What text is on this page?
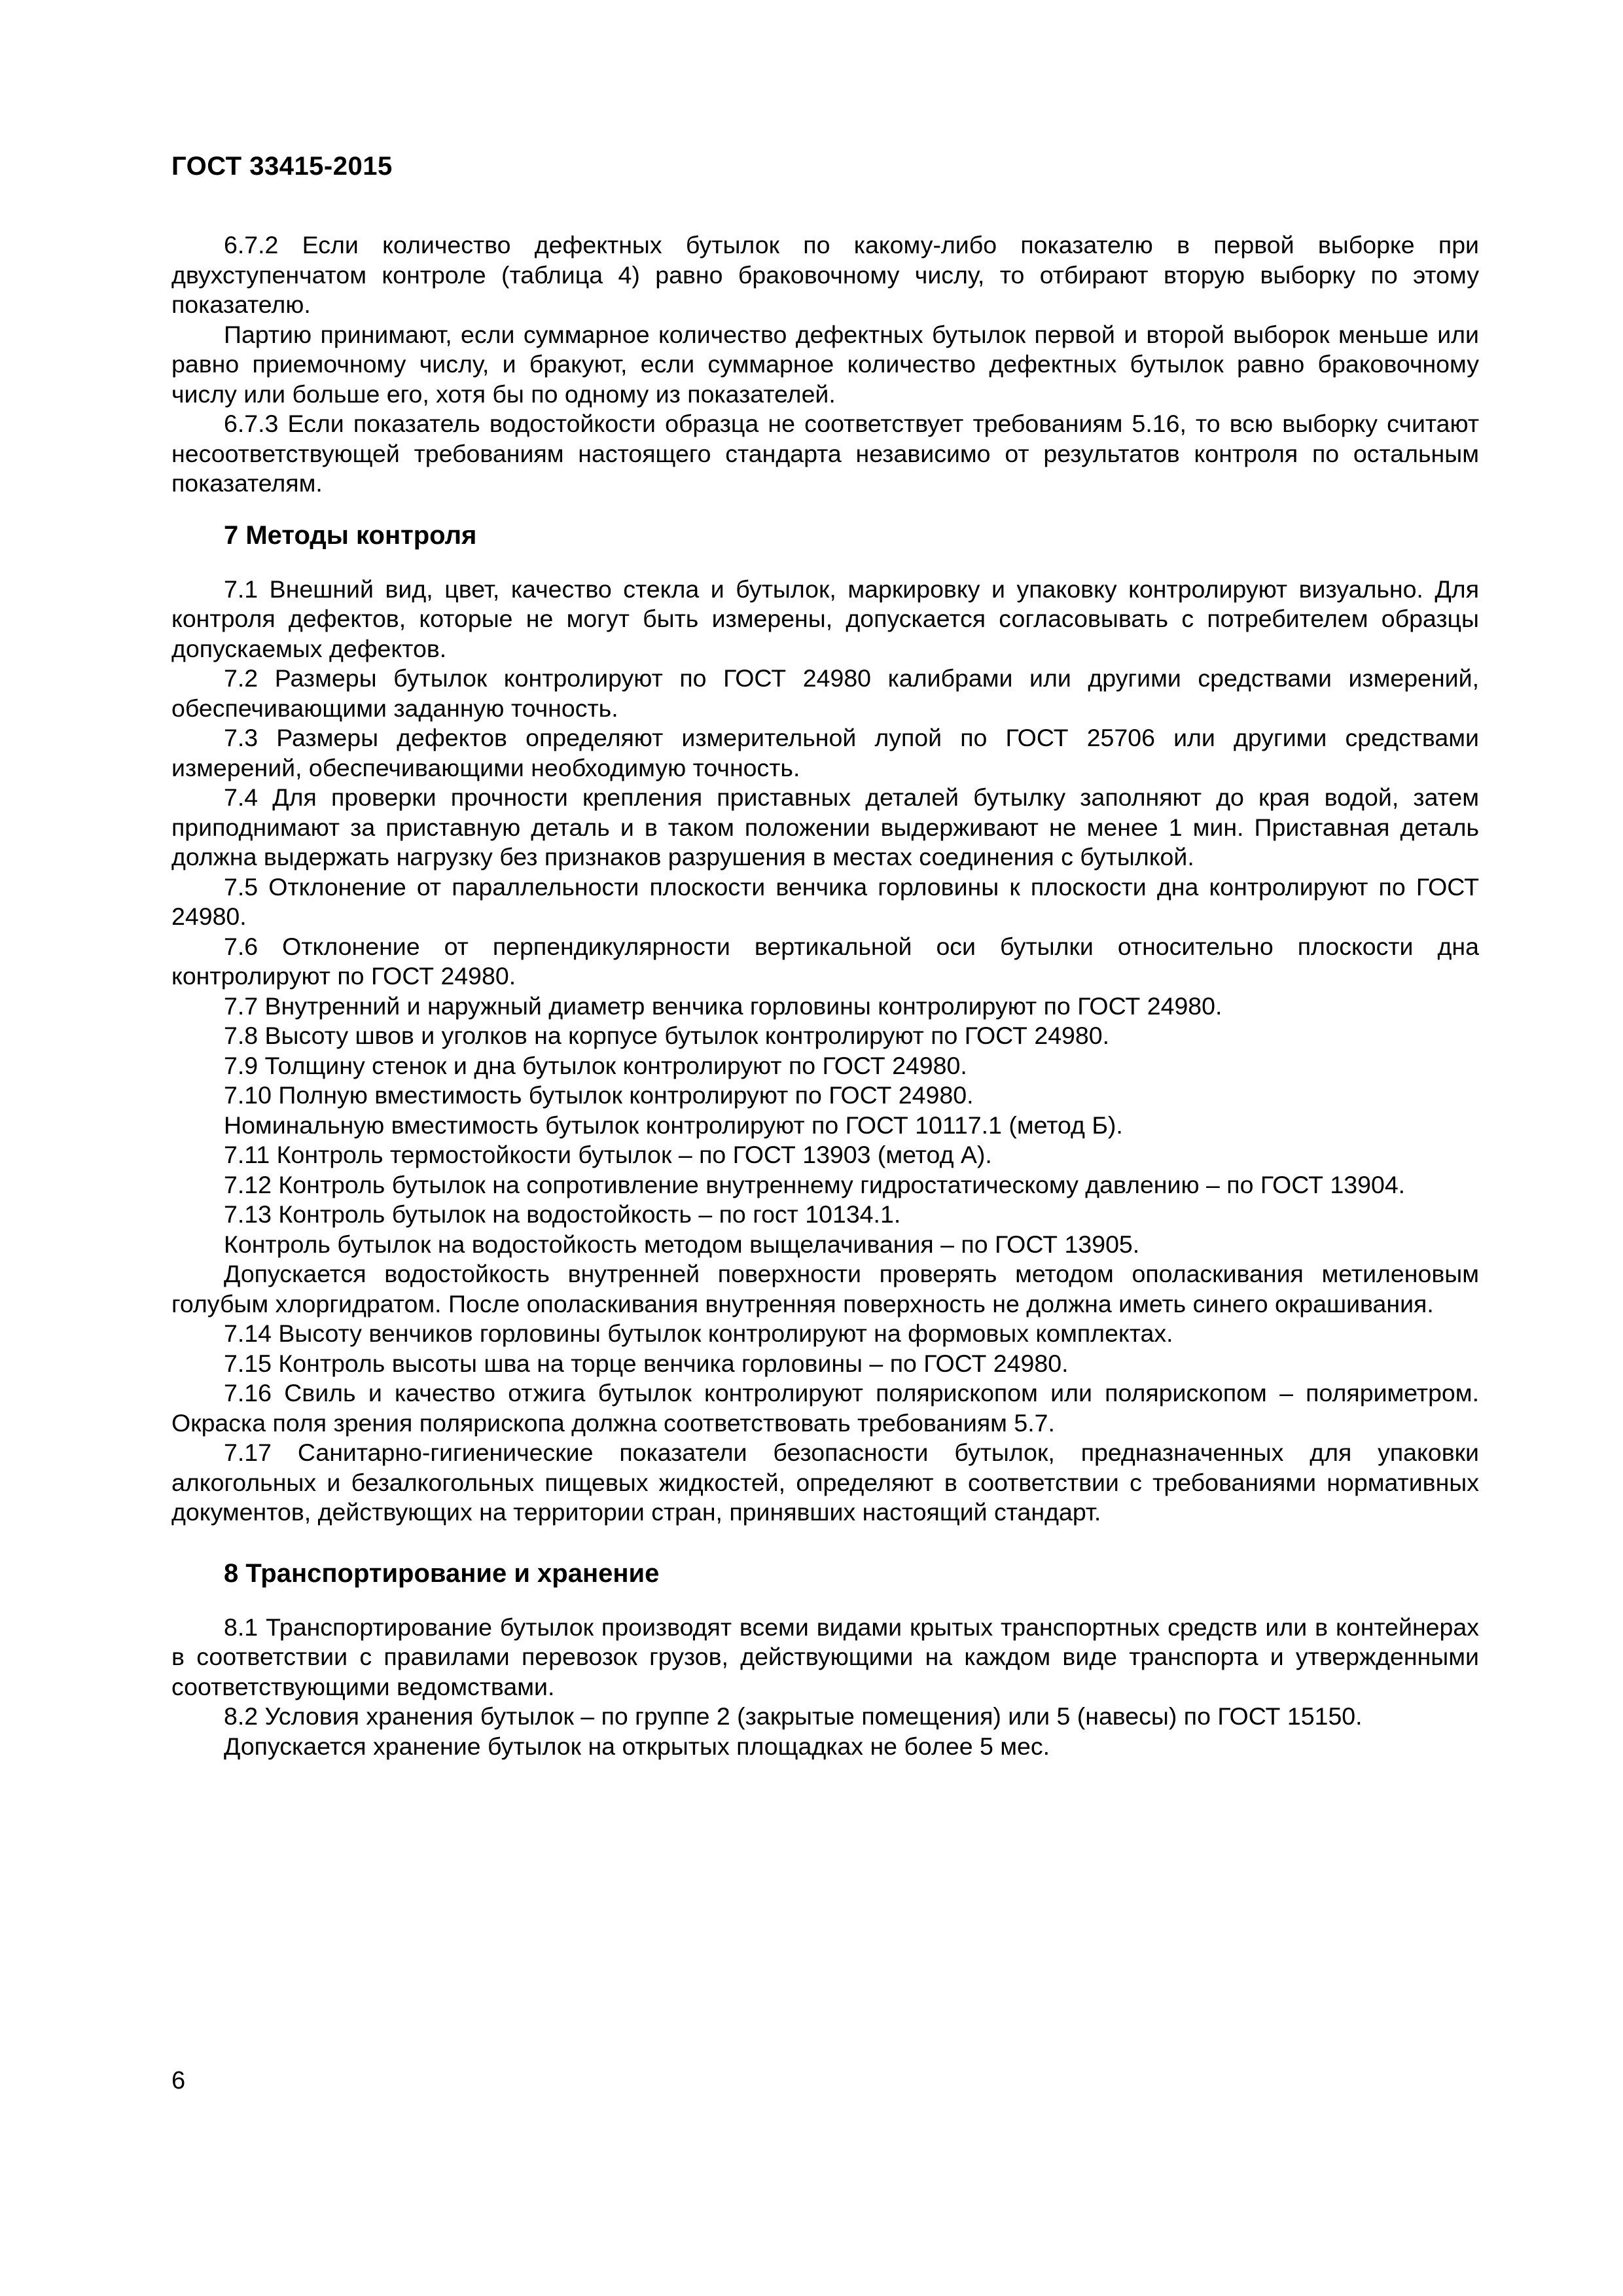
ГОСТ 33415-2015

6.7.2 Если количество дефектных бутылок по какому-либо показателю в первой выборке при двухступенчатом контроле (таблица 4) равно браковочному числу, то отбирают вторую выборку по этому показателю.

Партию принимают, если суммарное количество дефектных бутылок первой и второй выборок меньше или равно приемочному числу, и бракуют, если суммарное количество дефектных бутылок равно браковочному числу или больше его, хотя бы по одному из показателей.

6.7.3 Если показатель водостойкости образца не соответствует требованиям 5.16, то всю выборку считают несоответствующей требованиям настоящего стандарта независимо от результатов контроля по остальным показателям.

7 Методы контроля

7.1 Внешний вид, цвет, качество стекла и бутылок, маркировку и упаковку контролируют визуально. Для контроля дефектов, которые не могут быть измерены, допускается согласовывать с потребителем образцы допускаемых дефектов.

7.2 Размеры бутылок контролируют по ГОСТ 24980 калибрами или другими средствами измерений, обеспечивающими заданную точность.

7.3 Размеры дефектов определяют измерительной лупой по ГОСТ 25706 или другими средствами измерений, обеспечивающими необходимую точность.

7.4 Для проверки прочности крепления приставных деталей бутылку заполняют до края водой, затем приподнимают за приставную деталь и в таком положении выдерживают не менее 1 мин. Приставная деталь должна выдержать нагрузку без признаков разрушения в местах соединения с бутылкой.

7.5 Отклонение от параллельности плоскости венчика горловины к плоскости дна контролируют по ГОСТ 24980.

7.6 Отклонение от перпендикулярности вертикальной оси бутылки относительно плоскости дна контролируют по ГОСТ 24980.

7.7 Внутренний и наружный диаметр венчика горловины контролируют по ГОСТ 24980.

7.8 Высоту швов и уголков на корпусе бутылок контролируют по ГОСТ 24980.

7.9 Толщину стенок и дна бутылок контролируют по ГОСТ 24980.

7.10 Полную вместимость бутылок контролируют по ГОСТ 24980.

Номинальную вместимость бутылок контролируют по ГОСТ 10117.1 (метод Б).

7.11 Контроль термостойкости бутылок – по ГОСТ 13903 (метод А).

7.12 Контроль бутылок на сопротивление внутреннему гидростатическому давлению – по ГОСТ 13904.

7.13 Контроль бутылок на водостойкость – по гост 10134.1.

Контроль бутылок на водостойкость методом выщелачивания – по ГОСТ 13905.

Допускается водостойкость внутренней поверхности проверять методом ополаскивания метиленовым голубым хлоргидратом. После ополаскивания внутренняя поверхность не должна иметь синего окрашивания.

7.14 Высоту венчиков горловины бутылок контролируют на формовых комплектах.

7.15 Контроль высоты шва на торце венчика горловины – по ГОСТ 24980.

7.16 Свиль и качество отжига бутылок контролируют полярископом или полярископом – поляриметром. Окраска поля зрения полярископа должна соответствовать требованиям 5.7.

7.17 Санитарно-гигиенические показатели безопасности бутылок, предназначенных для упаковки алкогольных и безалкогольных пищевых жидкостей, определяют в соответствии с требованиями нормативных документов, действующих на территории стран, принявших настоящий стандарт.

8 Транспортирование и хранение

8.1 Транспортирование бутылок производят всеми видами крытых транспортных средств или в контейнерах в соответствии с правилами перевозок грузов, действующими на каждом виде транспорта и утвержденными соответствующими ведомствами.

8.2 Условия хранения бутылок – по группе 2 (закрытые помещения) или 5 (навесы) по ГОСТ 15150.

Допускается хранение бутылок на открытых площадках не более 5 мес.

6
